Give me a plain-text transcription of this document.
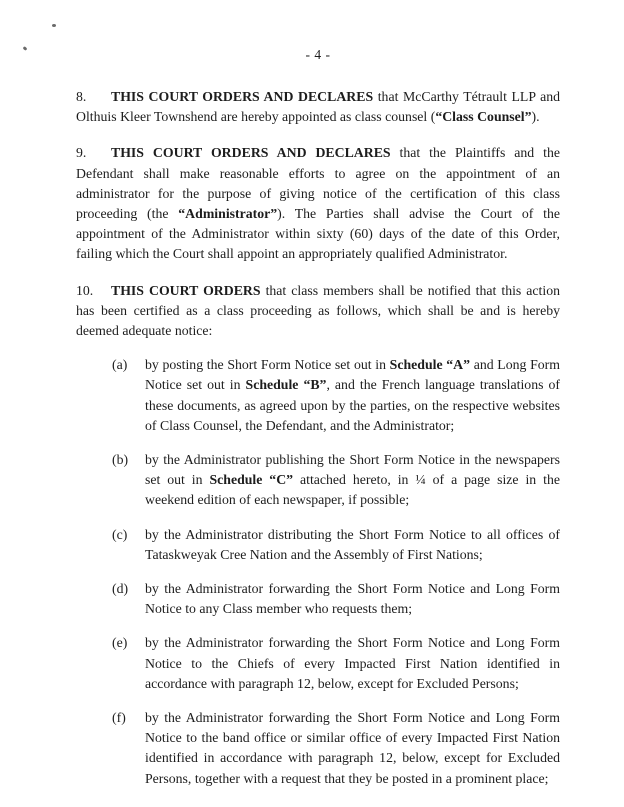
- 4 -

8. THIS COURT ORDERS AND DECLARES that McCarthy Tétrault LLP and Olthuis Kleer Townshend are hereby appointed as class counsel (“Class Counsel”).

9. THIS COURT ORDERS AND DECLARES that the Plaintiffs and the Defendant shall make reasonable efforts to agree on the appointment of an administrator for the purpose of giving notice of the certification of this class proceeding (the “Administrator”). The Parties shall advise the Court of the appointment of the Administrator within sixty (60) days of the date of this Order, failing which the Court shall appoint an appropriately qualified Administrator.

10. THIS COURT ORDERS that class members shall be notified that this action has been certified as a class proceeding as follows, which shall be and is hereby deemed adequate notice:

(a)	by posting the Short Form Notice set out in Schedule “A” and Long Form Notice set out in Schedule “B”, and the French language translations of these documents, as agreed upon by the parties, on the respective websites of Class Counsel, the Defendant, and the Administrator;
(b)	by the Administrator publishing the Short Form Notice in the newspapers set out in Schedule “C” attached hereto, in ¼ of a page size in the weekend edition of each newspaper, if possible;
(c)	by the Administrator distributing the Short Form Notice to all offices of Tataskweyak Cree Nation and the Assembly of First Nations;
(d)	by the Administrator forwarding the Short Form Notice and Long Form Notice to any Class member who requests them;
(e)	by the Administrator forwarding the Short Form Notice and Long Form Notice to the Chiefs of every Impacted First Nation identified in accordance with paragraph 12, below, except for Excluded Persons;
(f)	by the Administrator forwarding the Short Form Notice and Long Form Notice to the band office or similar office of every Impacted First Nation identified in accordance with paragraph 12, below, except for Excluded Persons, together with a request that they be posted in a prominent place;
